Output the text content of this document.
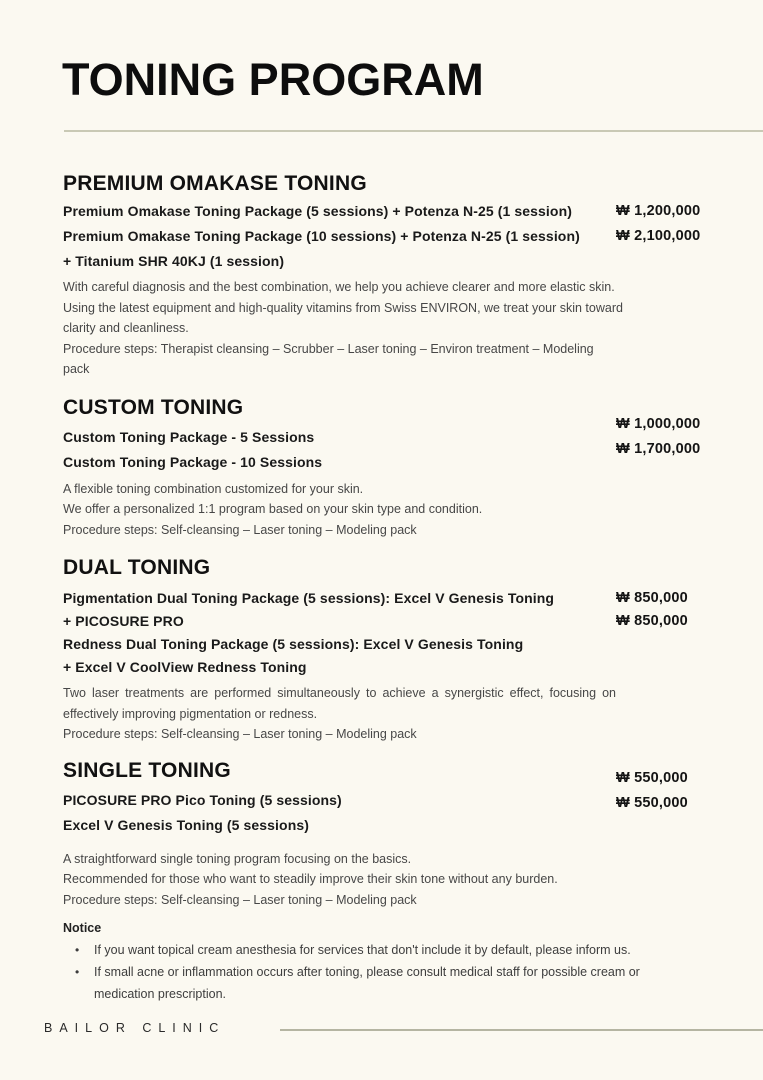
TONING PROGRAM
PREMIUM OMAKASE TONING
Premium Omakase Toning Package (5 sessions) + Potenza N-25 (1 session)
Premium Omakase Toning Package (10 sessions) + Potenza N-25 (1 session)
+ Titanium SHR 40KJ (1 session)
₩ 1,200,000
₩ 2,100,000

With careful diagnosis and the best combination, we help you achieve clearer and more elastic skin.

Using the latest equipment and high-quality vitamins from Swiss ENVIRON, we treat your skin toward clarity and cleanliness.

Procedure steps: Therapist cleansing – Scrubber – Laser toning – Environ treatment – Modeling pack

CUSTOM TONING
Custom Toning Package - 5 Sessions
Custom Toning Package - 10 Sessions
₩ 1,000,000
₩ 1,700,000

A flexible toning combination customized for your skin.

We offer a personalized 1:1 program based on your skin type and condition.

Procedure steps: Self-cleansing – Laser toning – Modeling pack

DUAL TONING
Pigmentation Dual Toning Package (5 sessions): Excel V Genesis Toning
+ PICOSURE PRO
Redness Dual Toning Package (5 sessions): Excel V Genesis Toning
+ Excel V CoolView Redness Toning
₩ 850,000
₩ 850,000

Two laser treatments are performed simultaneously to achieve a synergistic effect, focusing on effectively improving pigmentation or redness.

Procedure steps: Self-cleansing – Laser toning – Modeling pack

SINGLE TONING
PICOSURE PRO Pico Toning (5 sessions)
Excel V Genesis Toning (5 sessions)
₩ 550,000
₩ 550,000

A straightforward single toning program focusing on the basics.

Recommended for those who want to steadily improve their skin tone without any burden.

Procedure steps: Self-cleansing – Laser toning – Modeling pack

Notice
• If you want topical cream anesthesia for services that don't include it by default, please inform us.
• If small acne or inflammation occurs after toning, please consult medical staff for possible cream or medication prescription.
BAILOR CLINIC
